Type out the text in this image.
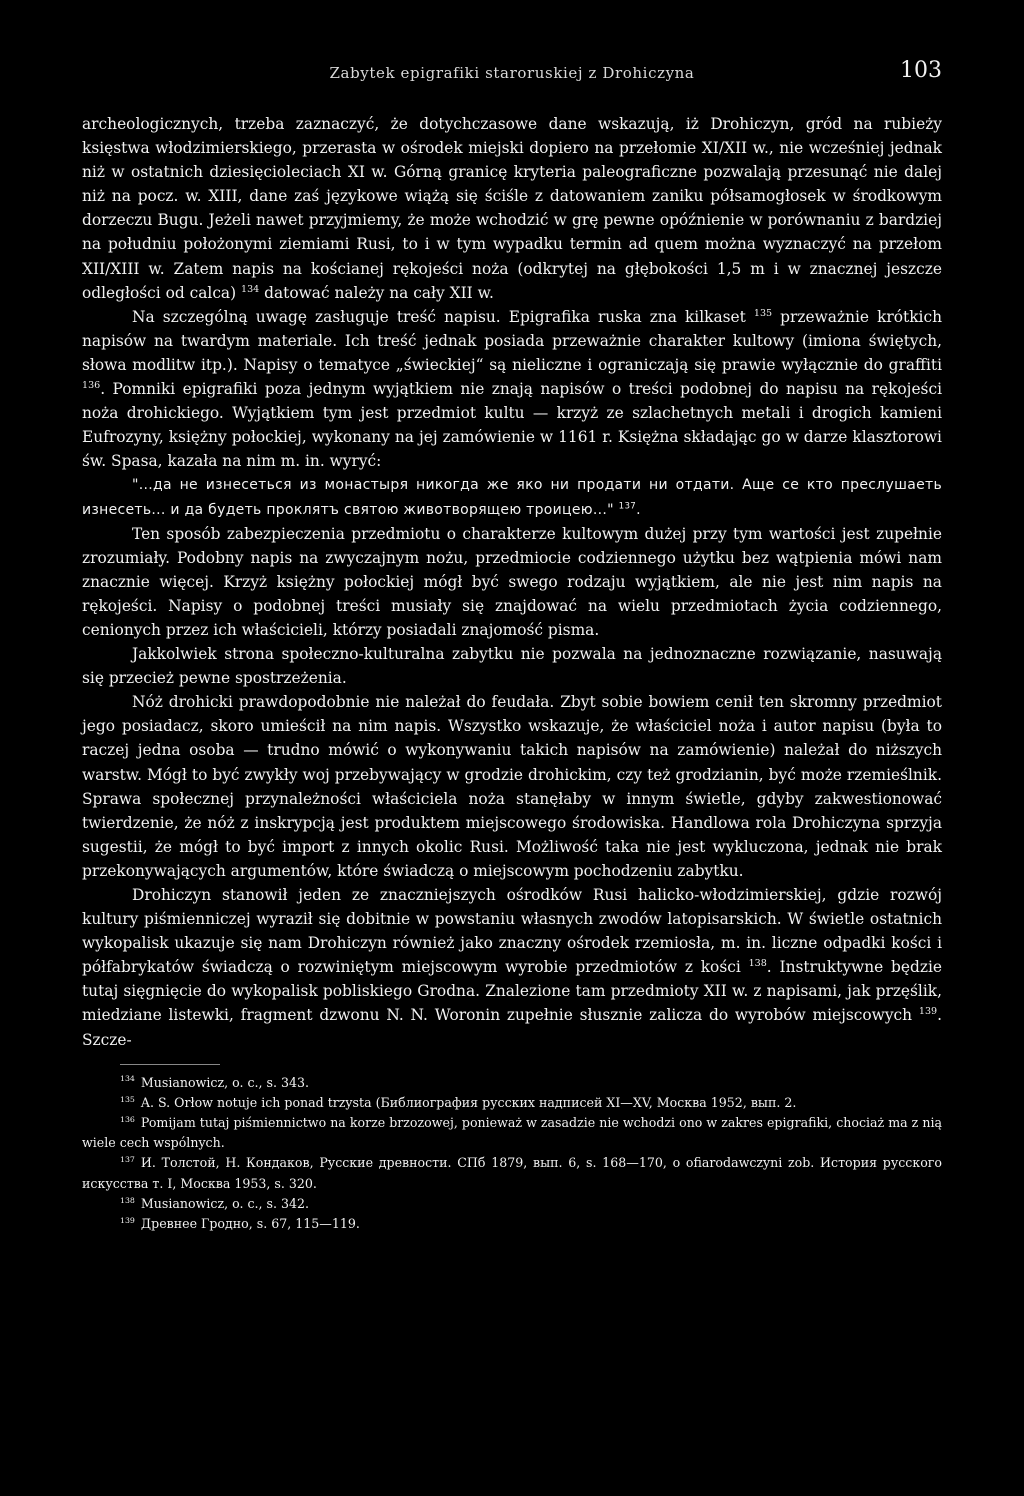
Zabytek epigrafiki staroruskiej z Drohiczyna	103

archeologicznych, trzeba zaznaczyć, że dotychczasowe dane wskazują, iż Drohiczyn, gród na rubieży księstwa włodzimierskiego, przerasta w ośrodek miejski dopiero na przełomie XI/XII w., nie wcześniej jednak niż w ostatnich dziesięcioleciach XI w. Górną granicę kryteria paleograficzne pozwalają przesunąć nie dalej niż na pocz. w. XIII, dane zaś językowe wiążą się ściśle z datowaniem zaniku półsamogłosek w środkowym dorzeczu Bugu. Jeżeli nawet przyjmiemy, że może wchodzić w grę pewne opóźnienie w porównaniu z bardziej na południu położonymi ziemiami Rusi, to i w tym wypadku termin ad quem można wyznaczyć na przełom XII/XIII w. Zatem napis na kościanej rękojeści noża (odkrytej na głębokości 1,5 m i w znacznej jeszcze odległości od calca) $^{134}$ datować należy na cały XII w.

Na szczególną uwagę zasługuje treść napisu. Epigrafika ruska zna kilkaset $^{135}$ przeważnie krótkich napisów na twardym materiale. Ich treść jednak posiada przeważnie charakter kultowy (imiona świętych, słowa modlitw itp.). Napisy o tematyce „świeckiej“ są nieliczne i ograniczają się prawie wyłącznie do graffiti $^{136}$. Pomniki epigrafiki poza jednym wyjątkiem nie znają napisów o treści podobnej do napisu na rękojeści noża drohickiego. Wyjątkiem tym jest przedmiot kultu — krzyż ze szlachetnych metali i drogich kamieni Eufrozyny, księżny połockiej, wykonany na jej zamówienie w 1161 r. Księżna składając go w darze klasztorowi św. Spasa, kazała na nim m. in. wyryć:

"...да не изнесеться из монастыря никогда же яко ни продати ни отдати. Аще се кто преслушаеть изнесеть... и да будеть проклятъ святою животворящею троицею..." $^{137}$.

Ten sposób zabezpieczenia przedmiotu o charakterze kultowym dużej przy tym wartości jest zupełnie zrozumiały. Podobny napis na zwyczajnym nożu, przedmiocie codziennego użytku bez wątpienia mówi nam znacznie więcej. Krzyż księżny połockiej mógł być swego rodzaju wyjątkiem, ale nie jest nim napis na rękojeści. Napisy o podobnej treści musiały się znajdować na wielu przedmiotach życia codziennego, cenionych przez ich właścicieli, którzy posiadali znajomość pisma.

Jakkolwiek strona społeczno-kulturalna zabytku nie pozwala na jednoznaczne rozwiązanie, nasuwają się przecież pewne spostrzeżenia.

Nóż drohicki prawdopodobnie nie należał do feudała. Zbyt sobie bowiem cenił ten skromny przedmiot jego posiadacz, skoro umieścił na nim napis. Wszystko wskazuje, że właściciel noża i autor napisu (była to raczej jedna osoba — trudno mówić o wykonywaniu takich napisów na zamówienie) należał do niższych warstw. Mógł to być zwykły woj przebywający w grodzie drohickim, czy też grodzianin, być może rzemieślnik. Sprawa społecznej przynależności właściciela noża stanęłaby w innym świetle, gdyby zakwestionować twierdzenie, że nóż z inskrypcją jest produktem miejscowego środowiska. Handlowa rola Drohiczyna sprzyja sugestii, że mógł to być import z innych okolic Rusi. Możliwość taka nie jest wykluczona, jednak nie brak przekonywających argumentów, które świadczą o miejscowym pochodzeniu zabytku.

Drohiczyn stanowił jeden ze znaczniejszych ośrodków Rusi halicko-włodzimierskiej, gdzie rozwój kultury piśmienniczej wyraził się dobitnie w powstaniu własnych zwodów latopisarskich. W świetle ostatnich wykopalisk ukazuje się nam Drohiczyn również jako znaczny ośrodek rzemiosła, m. in. liczne odpadki kości i półfabrykatów świadczą o rozwiniętym miejscowym wyrobie przedmiotów z kości $^{138}$. Instruktywne będzie tutaj sięgnięcie do wykopalisk pobliskiego Grodna. Znalezione tam przedmioty XII w. z napisami, jak przęślik, miedziane listewki, fragment dzwonu N. N. Woronin zupełnie słusznie zalicza do wyrobów miejscowych $^{139}$. Szcze-

$^{134}$ Musianowicz, o. c., s. 343.

$^{135}$ A. S. Orłow notuje ich ponad trzysta (Библиография русских надписей XI—XV, Москва 1952, вып. 2.

$^{136}$ Pomijam tutaj piśmiennictwo na korze brzozowej, ponieważ w zasadzie nie wchodzi ono w zakres epigrafiki, chociaż ma z nią wiele cech wspólnych.

$^{137}$ И. Толстой, Н. Кондаков, Русские древности. СПб 1879, вып. 6, s. 168—170, o ofiarodawczyni zob. История русского искусства т. I, Москва 1953, s. 320.

$^{138}$ Musianowicz, o. c., s. 342.

$^{139}$ Древнее Гродно, s. 67, 115—119.
